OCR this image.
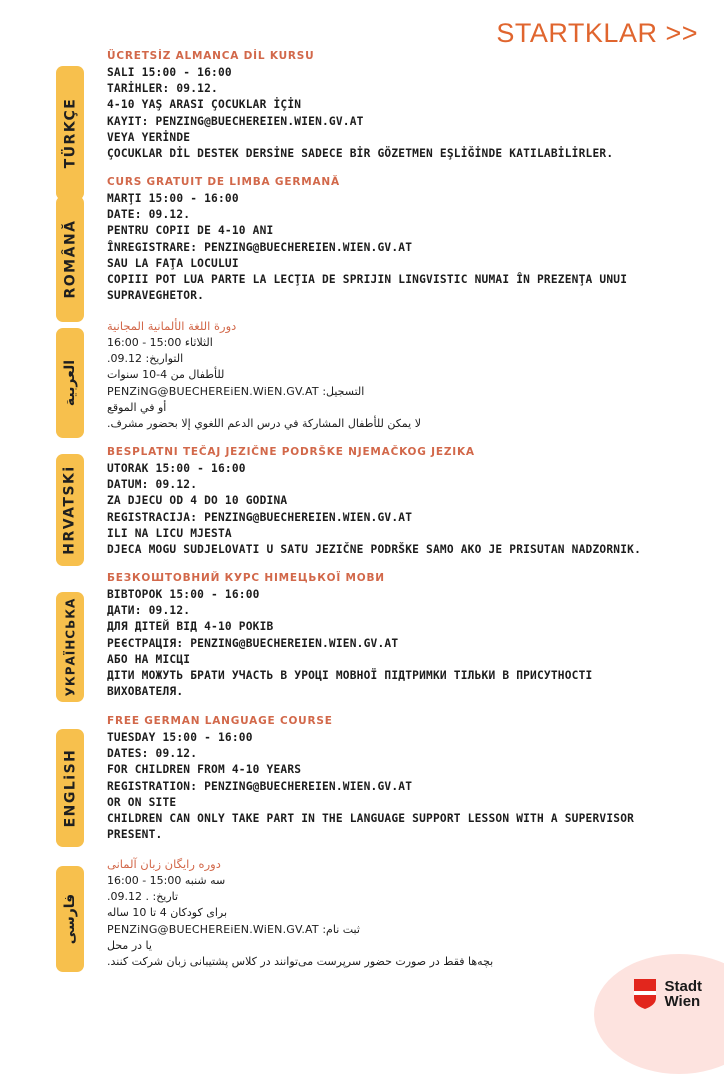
STARTKLAR >>
TÜRKÇE
ÜCRETSİZ ALMANCA DİL KURSU
SALI 15:00 - 16:00
TARİHLER: 09.12.
4-10 YAŞ ARASI ÇOCUKLAR İÇİN
KAYIT: PENZING@BUECHEREIEN.WIEN.GV.AT
VEYA YERİNDE
ÇOCUKLAR DİL DESTEK DERSİNE SADECE BİR GÖZETMEN EŞLİĞİNDE KATILABİLİRLER.
ROMÂNĂ
CURS GRATUIT DE LIMBA GERMANĂ
MARŢI 15:00 - 16:00
DATE: 09.12.
PENTRU COPII DE 4-10 ANI
ÎNREGISTRARE: PENZING@BUECHEREIEN.WIEN.GV.AT
SAU LA FAŢA LOCULUI
COPIII POT LUA PARTE LA LECŢIA DE SPRIJIN LINGVISTIC NUMAI ÎN PREZENŢA UNUI
SUPRAVEGHETOR.
العربية
دورة اللغة الألمانية المجانية
الثلاثاء 15:00 - 16:00
التواريخ: 09.12.
للأطفال من 4-10 سنوات
التسجيل: PENZiNG@BUECHEREiEN.WiEN.GV.AT
أو في الموقع
لا يمكن للأطفال المشاركة في درس الدعم اللغوي إلا بحضور مشرف.
HRVATSKi
BESPLATNI TEČAJ JEZIČNE PODRŠKE NJEMAČKOG JEZIKA
UTORAK 15:00 - 16:00
DATUM: 09.12.
ZA DJECU OD 4 DO 10 GODINA
REGISTRACIJA: PENZING@BUECHEREIEN.WIEN.GV.AT
ILI NA LICU MJESTA
DJECA MOGU SUDJELOVATI U SATU JEZIČNE PODRŠKE SAMO AKO JE PRISUTAN NADZORNIK.
УКРАЇНСЬКА
БЕЗКОШТОВНИЙ КУРС НІМЕЦЬКОЇ МОВИ
ВІВТОРОК 15:00 - 16:00
ДАТИ: 09.12.
ДЛЯ ДІТЕЙ ВІД 4-10 РОКІВ
РЕЄСТРАЦІЯ: PENZING@BUECHEREIEN.WIEN.GV.AT
АБО НА МІСЦІ
ДІТИ МОЖУТЬ БРАТИ УЧАСТЬ В УРОЦІ МОВНОЇ ПІДТРИМКИ ТІЛЬКИ В ПРИСУТНОСТІ
ВИХОВАТЕЛЯ.
ENGLiSH
FREE GERMAN LANGUAGE COURSE
TUESDAY 15:00 - 16:00
DATES: 09.12.
FOR CHILDREN FROM 4-10 YEARS
REGISTRATION: PENZING@BUECHEREIEN.WIEN.GV.AT
OR ON SITE
CHILDREN CAN ONLY TAKE PART IN THE LANGUAGE SUPPORT LESSON WITH A SUPERVISOR
PRESENT.
فارسی
دوره رایگان زبان آلمانی
سه شنبه 15:00 - 16:00
تاریخ: . 09.12.
برای کودکان 4 تا 10 ساله
ثبت نام: PENZiNG@BUECHEREiEN.WiEN.GV.AT
یا در محل
بچه‌ها فقط در صورت حضور سرپرست می‌توانند در کلاس پشتیبانی زبان شرکت کنند.
Stadt
Wien
